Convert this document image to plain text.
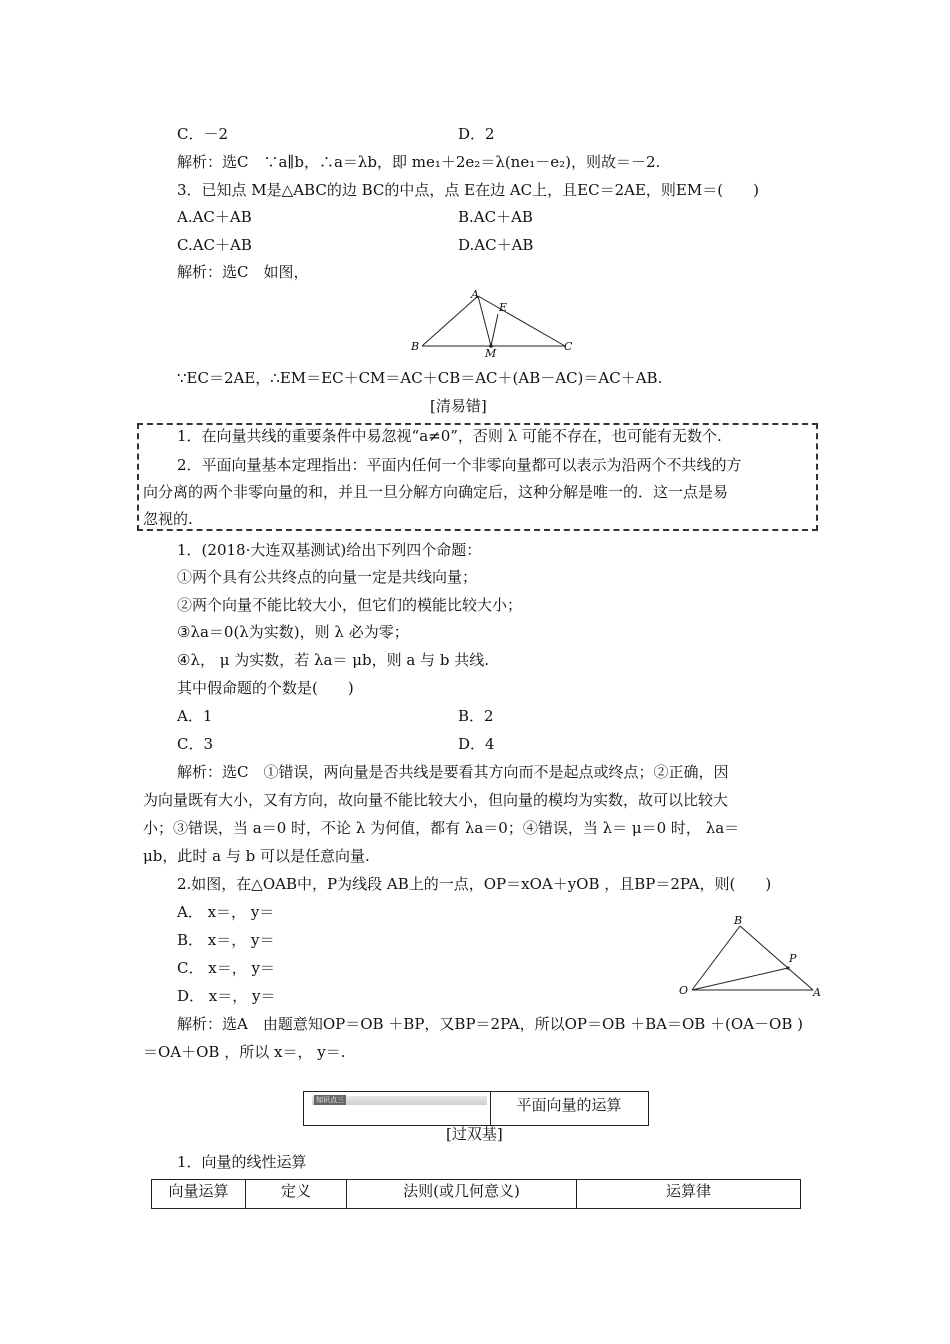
C．－2	D．2
解析：选C　∵a∥b，∴a＝λb，即 me₁＋2e₂＝λ(ne₁－e₂)，则故＝－2.
3．已知点 M是△ABC的边 BC的中点，点 E在边 AC上，且EC＝2AE，则EM＝(　　)
A.AC＋AB	B.AC＋AB
C.AC＋AB	D.AC＋AB
解析：选C　如图，
A
E
B
M
C
∵EC＝2AE，∴EM＝EC＋CM＝AC＋CB＝AC＋(AB－AC)＝AC＋AB.
[清易错]
1．在向量共线的重要条件中易忽视“a≠0”，否则 λ 可能不存在，也可能有无数个.
2．平面向量基本定理指出：平面内任何一个非零向量都可以表示为沿两个不共线的方
向分离的两个非零向量的和，并且一旦分解方向确定后，这种分解是唯一的．这一点是易
忽视的.
1．(2018·大连双基测试)给出下列四个命题：
①两个具有公共终点的向量一定是共线向量；
②两个向量不能比较大小，但它们的模能比较大小；
③λa＝0(λ为实数)，则 λ 必为零；
④λ， μ 为实数，若 λa＝ μb，则 a 与 b 共线.
其中假命题的个数是(　　)
A．1	B．2
C．3	D．4
解析：选C　①错误，两向量是否共线是要看其方向而不是起点或终点；②正确，因
为向量既有大小，又有方向，故向量不能比较大小，但向量的模均为实数，故可以比较大
小；③错误，当 a＝0 时，不论 λ 为何值，都有 λa＝0；④错误，当 λ＝ μ＝0 时， λa＝
μb，此时 a 与 b 可以是任意向量.
2.如图，在△OAB中，P为线段 AB上的一点，OP＝xOA＋yOB ，且BP＝2PA，则(　　)
A． x＝， y＝
B． x＝， y＝
C． x＝， y＝
D． x＝， y＝
B
P
O	A
解析：选A　由题意知OP＝OB ＋BP，又BP＝2PA，所以OP＝OB ＋BA＝OB ＋(OA－OB )
＝OA＋OB ，所以 x＝， y＝.
知识点三	平面向量的运算
[过双基]
1．向量的线性运算
向量运算	定义	法则(或几何意义)	运算律
